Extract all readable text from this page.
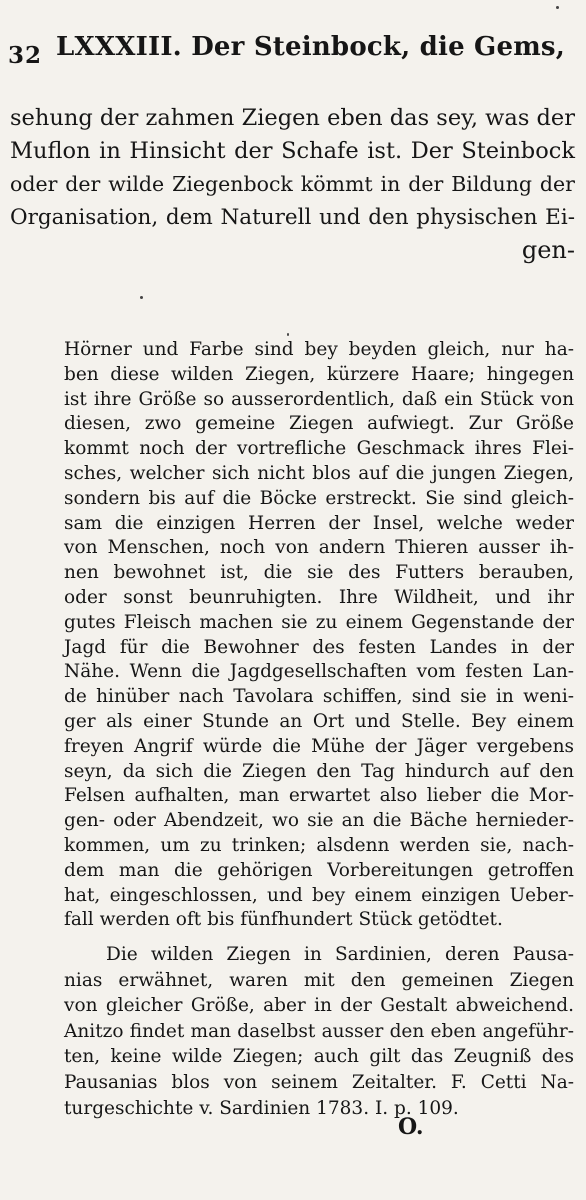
32 LXXXIII. Der Steinbock, die Gems,
sehung der zahmen Ziegen eben das sey, was der
Muflon in Hinsicht der Schafe ist. Der Steinbock
oder der wilde Ziegenbock kömmt in der Bildung der
Organisation, dem Naturell und den physischen Ei-
gen-
Hörner und Farbe sind bey beyden gleich, nur ha-
ben diese wilden Ziegen, kürzere Haare; hingegen
ist ihre Größe so ausserordentlich, daß ein Stück von
diesen, zwo gemeine Ziegen aufwiegt. Zur Größe
kommt noch der vortrefliche Geschmack ihres Flei-
sches, welcher sich nicht blos auf die jungen Ziegen,
sondern bis auf die Böcke erstreckt. Sie sind gleich-
sam die einzigen Herren der Insel, welche weder
von Menschen, noch von andern Thieren ausser ih-
nen bewohnet ist, die sie des Futters berauben,
oder sonst beunruhigten. Ihre Wildheit, und ihr
gutes Fleisch machen sie zu einem Gegenstande der
Jagd für die Bewohner des festen Landes in der
Nähe. Wenn die Jagdgesellschaften vom festen Lan-
de hinüber nach Tavolara schiffen, sind sie in weni-
ger als einer Stunde an Ort und Stelle. Bey einem
freyen Angrif würde die Mühe der Jäger vergebens
seyn, da sich die Ziegen den Tag hindurch auf den
Felsen aufhalten, man erwartet also lieber die Mor-
gen- oder Abendzeit, wo sie an die Bäche hernieder-
kommen, um zu trinken; alsdenn werden sie, nach-
dem man die gehörigen Vorbereitungen getroffen
hat, eingeschlossen, und bey einem einzigen Ueber-
fall werden oft bis fünfhundert Stück getödtet.
Die wilden Ziegen in Sardinien, deren Pausa-
nias erwähnet, waren mit den gemeinen Ziegen
von gleicher Größe, aber in der Gestalt abweichend.
Anitzo findet man daselbst ausser den eben angeführ-
ten, keine wilde Ziegen; auch gilt das Zeugniß des
Pausanias blos von seinem Zeitalter. F. Cetti Na-
turgeschichte v. Sardinien 1783. I. p. 109.
O.
